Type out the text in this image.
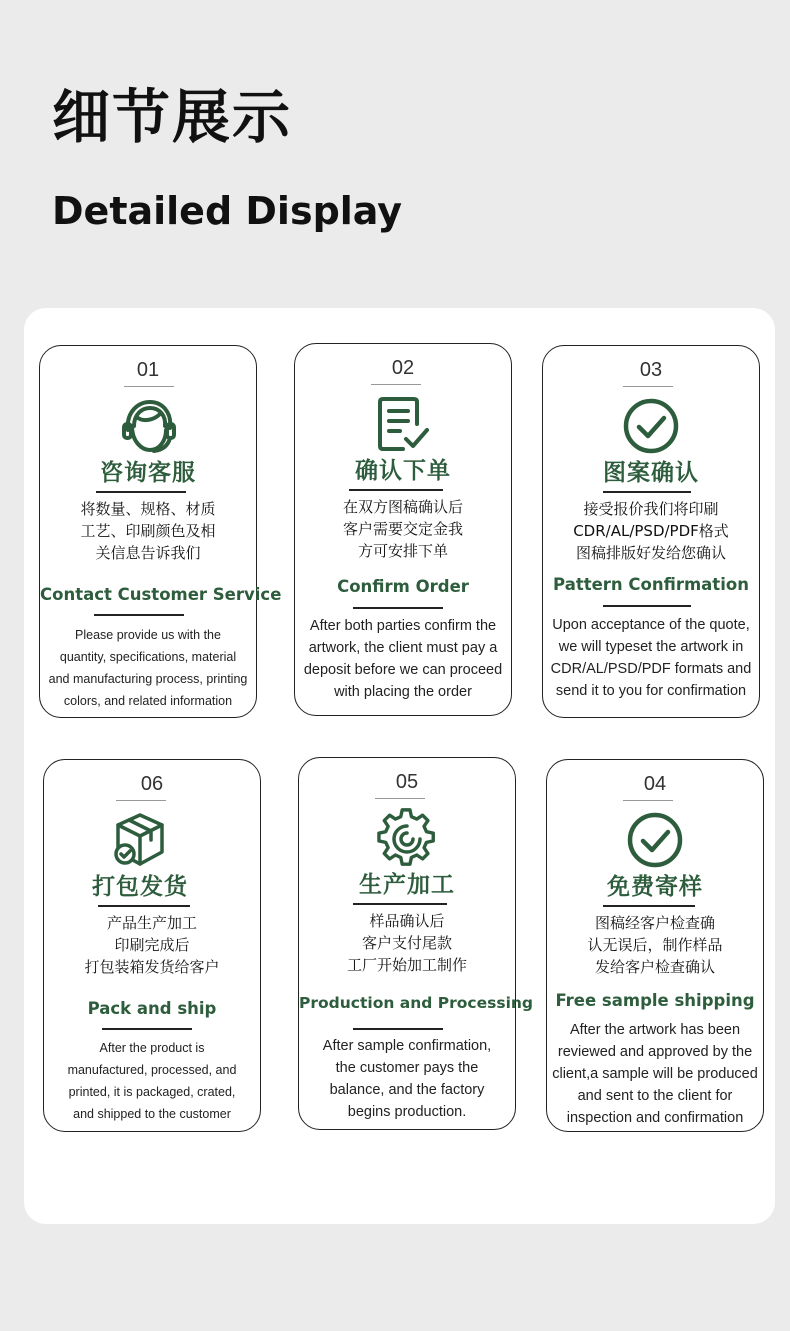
细节展示
Detailed Display
01
咨询客服
将数量、规格、材质
工艺、印刷颜色及相
关信息告诉我们
Contact Customer Service
Please provide us with the
quantity, specifications, material
and manufacturing process, printing
colors, and related information
02
确认下单
在双方图稿确认后
客户需要交定金我
方可安排下单
Confirm Order
After both parties confirm the
artwork, the client must pay a
deposit before we can proceed
with placing the order
03
图案确认
接受报价我们将印刷
CDR/AL/PSD/PDF格式
图稿排版好发给您确认
Pattern Confirmation
Upon acceptance of the quote,
we will typeset the artwork in
CDR/AL/PSD/PDF formats and
send it to you for confirmation
06
打包发货
产品生产加工
印刷完成后
打包装箱发货给客户
Pack and ship
After the product is
manufactured, processed, and
printed, it is packaged, crated,
and shipped to the customer
05
生产加工
样品确认后
客户支付尾款
工厂开始加工制作
Production and Processing
After sample confirmation,
the customer pays the
balance, and the factory
begins production.
04
免费寄样
图稿经客户检查确
认无误后，制作样品
发给客户检查确认
Free sample shipping
After the artwork has been
reviewed and approved by the
client,a sample will be produced
and sent to the client for
inspection and confirmation
